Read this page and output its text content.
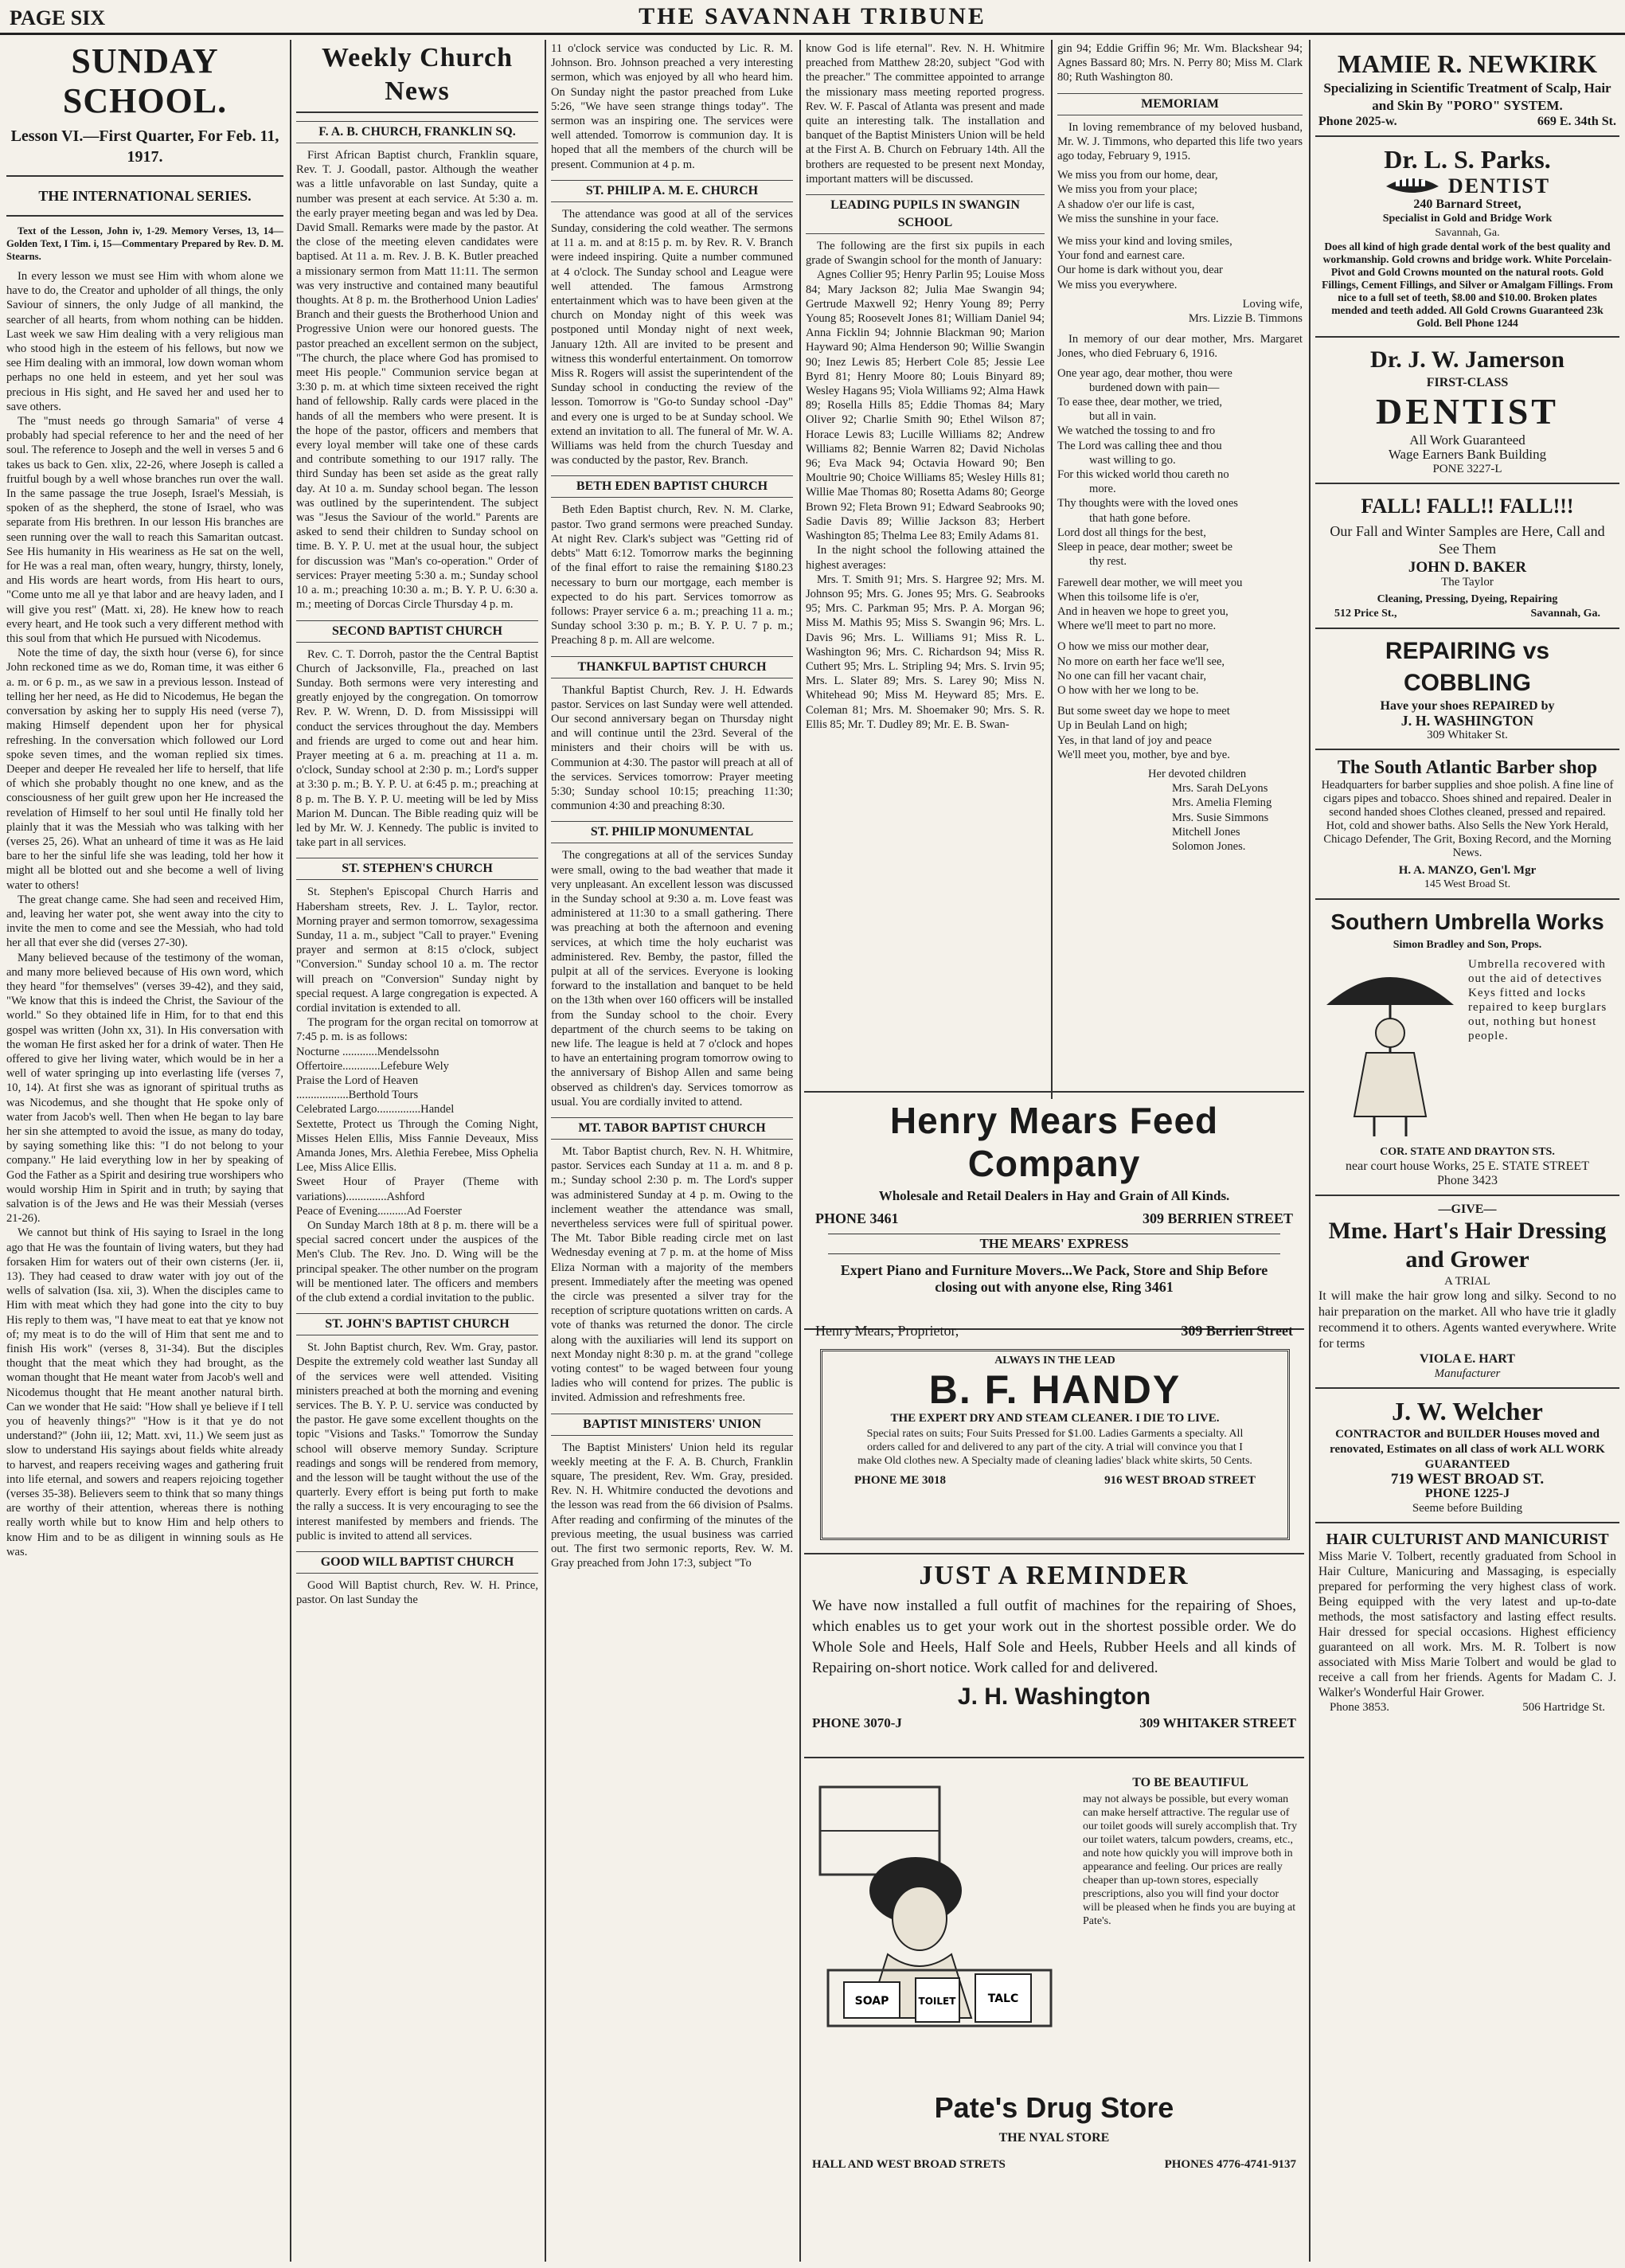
PAGE SIX	THE SAVANNAH TRIBUNE
SUNDAY SCHOOL.
Lesson VI.—First Quarter, For Feb. 11, 1917.
THE INTERNATIONAL SERIES.

Text of the Lesson, John iv, 1-29. Memory Verses, 13, 14—Golden Text, I Tim. i, 15—Commentary Prepared by Rev. D. M. Stearns.

In every lesson we must see Him with whom alone we have to do, the Creator and upholder of all things, the only Saviour of sinners, the only Judge of all mankind, the searcher of all hearts, from whom nothing can be hidden. Last week we saw Him dealing with a very religious man who stood high in the esteem of his fellows, but now we see Him dealing with an immoral, low down woman whom perhaps no one held in esteem, and yet her soul was precious in His sight, and He saved her and used her to save others.

The "must needs go through Samaria" of verse 4 probably had special reference to her and the need of her soul. The reference to Joseph and the well in verses 5 and 6 takes us back to Gen. xlix, 22-26, where Joseph is called a fruitful bough by a well whose branches run over the wall. In the same passage the true Joseph, Israel's Messiah, is spoken of as the shepherd, the stone of Israel, who was separate from His brethren. In our lesson His branches are seen running over the wall to reach this Samaritan outcast. See His humanity in His weariness as He sat on the well, for He was a real man, often weary, hungry, thirsty, lonely, and His words are heart words, from His heart to ours, "Come unto me all ye that labor and are heavy laden, and I will give you rest" (Matt. xi, 28). He knew how to reach every heart, and He took such a very different method with this soul from that which He pursued with Nicodemus.

Note the time of day, the sixth hour (verse 6), for since John reckoned time as we do, Roman time, it was either 6 a. m. or 6 p. m., as we saw in a previous lesson. Instead of telling her her need, as He did to Nicodemus, He began the conversation by asking her to supply His need (verse 7), making Himself dependent upon her for physical refreshing. In the conversation which followed our Lord spoke seven times, and the woman replied six times. Deeper and deeper He revealed her life to herself, that life of which she probably thought no one knew, and as the consciousness of her guilt grew upon her He increased the revelation of Himself to her soul until He finally told her plainly that it was the Messiah who was talking with her (verses 25, 26). What an unheard of time it was as He laid bare to her the sinful life she was leading, told her how it might all be blotted out and she become a well of living water to others!

The great change came. She had seen and received Him, and, leaving her water pot, she went away into the city to invite the men to come and see the Messiah, who had told her all that ever she did (verses 27-30).

Many believed because of the testimony of the woman, and many more believed because of His own word, which they heard "for themselves" (verses 39-42), and they said, "We know that this is indeed the Christ, the Saviour of the world." So they obtained life in Him, for to that end this gospel was written (John xx, 31). In His conversation with the woman He first asked her for a drink of water. Then He offered to give her living water, which would be in her a well of water springing up into everlasting life (verses 7, 10, 14). At first she was as ignorant of spiritual truths as was Nicodemus, and she thought that He spoke only of water from Jacob's well. Then when He began to lay bare her sin she attempted to avoid the issue, as many do today, by saying something like this: "I do not belong to your company." He laid everything low in her by speaking of God the Father as a Spirit and desiring true worshipers who would worship Him in Spirit and in truth; by saying that salvation is of the Jews and He was their Messiah (verses 21-26).

We cannot but think of His saying to Israel in the long ago that He was the fountain of living waters, but they had forsaken Him for waters out of their own cisterns (Jer. ii, 13). They had ceased to draw water with joy out of the wells of salvation (Isa. xii, 3). When the disciples came to Him with meat which they had gone into the city to buy His reply to them was, "I have meat to eat that ye know not of; my meat is to do the will of Him that sent me and to finish His work" (verses 8, 31-34). But the disciples thought that the meat which they had brought, as the woman thought that He meant water from Jacob's well and Nicodemus thought that He meant another natural birth. Can we wonder that He said: "How shall ye believe if I tell you of heavenly things?" "How is it that ye do not understand?" (John iii, 12; Matt. xvi, 11.) We seem just as slow to understand His sayings about fields white already to harvest, and reapers receiving wages and gathering fruit into life eternal, and sowers and reapers rejoicing together (verses 35-38). Believers seem to think that so many things are worthy of their attention, whereas there is nothing really worth while but to know Him and help others to know Him and to be as diligent in winning souls as He was.

Weekly Church News
F. A. B. CHURCH, FRANKLIN SQ.

First African Baptist church, Franklin square, Rev. T. J. Goodall, pastor. Although the weather was a little unfavorable on last Sunday, quite a number was present at each service. At 5:30 a. m. the early prayer meeting began and was led by Dea. David Small. Remarks were made by the pastor. At the close of the meeting eleven candidates were baptised. At 11 a. m. Rev. J. B. K. Butler preached a missionary sermon from Matt 11:11. The sermon was very instructive and contained many beautiful thoughts. At 8 p. m. the Brotherhood Union Ladies' Branch and their guests the Brotherhood Union and Progressive Union were our honored guests. The pastor preached an excellent sermon on the subject, "The church, the place where God has promised to meet His people." Communion service began at 3:30 p. m. at which time sixteen received the right hand of fellowship. Rally cards were placed in the hands of all the members who were present. It is the hope of the pastor, officers and members that every loyal member will take one of these cards and contribute something to our 1917 rally. The third Sunday has been set aside as the great rally day. At 10 a. m. Sunday school began. The lesson was outlined by the superintendent. The subject was "Jesus the Saviour of the world." Parents are asked to send their children to Sunday school on time. B. Y. P. U. met at the usual hour, the subject for discussion was "Man's co-operation." Order of services: Prayer meeting 5:30 a. m.; Sunday school 10 a. m.; preaching 10:30 a. m.; B. Y. P. U. 6:30 a. m.; meeting of Dorcas Circle Thursday 4 p. m.

SECOND BAPTIST CHURCH

Rev. C. T. Dorroh, pastor the the Central Baptist Church of Jacksonville, Fla., preached on last Sunday. Both sermons were very interesting and greatly enjoyed by the congregation. On tomorrow Rev. P. W. Wrenn, D. D. from Mississippi will conduct the services throughout the day. Members and friends are urged to come out and hear him. Prayer meeting at 6 a. m. preaching at 11 a. m. o'clock, Sunday school at 2:30 p. m.; Lord's supper at 3:30 p. m.; B. Y. P. U. at 6:45 p. m.; preaching at 8 p. m. The B. Y. P. U. meeting will be led by Miss Marion M. Duncan. The Bible reading quiz will be led by Mr. W. J. Kennedy. The public is invited to take part in all services.

ST. STEPHEN'S CHURCH

St. Stephen's Episcopal Church Harris and Habersham streets, Rev. J. L. Taylor, rector. Morning prayer and sermon tomorrow, sexagessima Sunday, 11 a. m., subject "Call to prayer." Evening prayer and sermon at 8:15 o'clock, subject "Conversion." Sunday school 10 a. m. The rector will preach on "Conversion" Sunday night by special request. A large congregation is expected. A cordial invitation is extended to all.

The program for the organ recital on tomorrow at 7:45 p. m. is as follows:

Nocturne ............Mendelssohn
Offertoire.............Lefebure Wely
Praise the Lord of Heaven
..................Berthold Tours
Celebrated Largo...............Handel
Sextette, Protect us Through the Coming Night, Misses Helen Ellis, Miss Fannie Deveaux, Miss Amanda Jones, Mrs. Alethia Ferebee, Miss Ophelia Lee, Miss Alice Ellis.
Sweet Hour of Prayer (Theme with variations)..............Ashford
Peace of Evening..........Ad Foerster

On Sunday March 18th at 8 p. m. there will be a special sacred concert under the auspices of the Men's Club. The Rev. Jno. D. Wing will be the principal speaker. The other number on the program will be mentioned later. The officers and members of the club extend a cordial invitation to the public.

ST. JOHN'S BAPTIST CHURCH

St. John Baptist church, Rev. Wm. Gray, pastor. Despite the extremely cold weather last Sunday all of the services were well attended. Visiting ministers preached at both the morning and evening services. The B. Y. P. U. service was conducted by the pastor. He gave some excellent thoughts on the topic "Visions and Tasks." Tomorrow the Sunday school will observe memory Sunday. Scripture readings and songs will be rendered from memory, and the lesson will be taught without the use of the quarterly. Every effort is being put forth to make the rally a success. It is very encouraging to see the interest manifested by members and friends. The public is invited to attend all services.

GOOD WILL BAPTIST CHURCH

Good Will Baptist church, Rev. W. H. Prince, pastor. On last Sunday the

11 o'clock service was conducted by Lic. R. M. Johnson. Bro. Johnson preached a very interesting sermon, which was enjoyed by all who heard him. On Sunday night the pastor preached from Luke 5:26, "We have seen strange things today". The sermon was an inspiring one. The services were well attended. Tomorrow is communion day. It is hoped that all the members of the church will be present. Communion at 4 p. m.

ST. PHILIP A. M. E. CHURCH

The attendance was good at all of the services Sunday, considering the cold weather. The sermons at 11 a. m. and at 8:15 p. m. by Rev. R. V. Branch were indeed inspiring. Quite a number communed at 4 o'clock. The Sunday school and League were well attended. The famous Armstrong entertainment which was to have been given at the church on Monday night of this week was postponed until Monday night of next week, January 12th. All are invited to be present and witness this wonderful entertainment. On tomorrow Miss R. Rogers will assist the superintendent of the Sunday school in conducting the review of the lesson. Tomorrow is "Go-to Sunday school -Day" and every one is urged to be at Sunday school. We extend an invitation to all. The funeral of Mr. W. A. Williams was held from the church Tuesday and was conducted by the pastor, Rev. Branch.

BETH EDEN BAPTIST CHURCH

Beth Eden Baptist church, Rev. N. M. Clarke, pastor. Two grand sermons were preached Sunday. At night Rev. Clark's subject was "Getting rid of debts" Matt 6:12. Tomorrow marks the beginning of the final effort to raise the remaining $180.23 necessary to burn our mortgage, each member is expected to do his part. Services tomorrow as follows: Prayer service 6 a. m.; preaching 11 a. m.; Sunday school 3:30 p. m.; B. Y. P. U. 7 p. m.; Preaching 8 p. m. All are welcome.

THANKFUL BAPTIST CHURCH

Thankful Baptist Church, Rev. J. H. Edwards pastor. Services on last Sunday were well attended. Our second anniversary began on Thursday night and will continue until the 23rd. Several of the ministers and their choirs will be with us. Communion at 4:30. The pastor will preach at all of the services. Services tomorrow: Prayer meeting 5:30; Sunday school 10:15; preaching 11:30; communion 4:30 and preaching 8:30.

ST. PHILIP MONUMENTAL

The congregations at all of the services Sunday were small, owing to the bad weather that made it very unpleasant. An excellent lesson was discussed in the Sunday school at 9:30 a. m. Love feast was administered at 11:30 to a small gathering. There was preaching at both the afternoon and evening services, at which time the holy eucharist was administered. Rev. Bemby, the pastor, filled the pulpit at all of the services. Everyone is looking forward to the installation and banquet to be held on the 13th when over 160 officers will be installed from the Sunday school to the choir. Every department of the church seems to be taking on new life. The league is held at 7 o'clock and hopes to have an entertaining program tomorrow owing to the anniversary of Bishop Allen and same being observed as children's day. Services tomorrow as usual. You are cordially invited to attend.

MT. TABOR BAPTIST CHURCH

Mt. Tabor Baptist church, Rev. N. H. Whitmire, pastor. Services each Sunday at 11 a. m. and 8 p. m.; Sunday school 2:30 p. m. The Lord's supper was administered Sunday at 4 p. m. Owing to the inclement weather the attendance was small, nevertheless services were full of spiritual power. The Mt. Tabor Bible reading circle met on last Wednesday evening at 7 p. m. at the home of Miss Eliza Norman with a majority of the members present. Immediately after the meeting was opened the circle was presented a silver tray for the reception of scripture quotations written on cards. A vote of thanks was returned the donor. The circle along with the auxiliaries will lend its support on next Monday night 8:30 p. m. at the grand "college voting contest" to be waged between four young ladies who will contend for prizes. The public is invited. Admission and refreshments free.

BAPTIST MINISTERS' UNION

The Baptist Ministers' Union held its regular weekly meeting at the F. A. B. Church, Franklin square, The president, Rev. Wm. Gray, presided. Rev. N. H. Whitmire conducted the devotions and the lesson was read from the 66 division of Psalms. After reading and confirming of the minutes of the previous meeting, the usual business was carried out. The first two sermonic reports, Rev. W. M. Gray preached from John 17:3, subject "To

know God is life eternal". Rev. N. H. Whitmire preached from Matthew 28:20, subject "God with the preacher." The committee appointed to arrange the missionary mass meeting reported progress. Rev. W. F. Pascal of Atlanta was present and made quite an interesting talk. The installation and banquet of the Baptist Ministers Union will be held at the First A. B. Church on February 14th. All the brothers are requested to be present next Monday, important matters will be discussed.

LEADING PUPILS IN SWANGIN SCHOOL

The following are the first six pupils in each grade of Swangin school for the month of January:

Agnes Collier 95; Henry Parlin 95; Louise Moss 84; Mary Jackson 82; Julia Mae Swangin 94; Gertrude Maxwell 92; Henry Young 89; Perry Young 85; Roosevelt Jones 81; William Daniel 94; Anna Ficklin 94; Johnnie Blackman 90; Marion Hayward 90; Alma Henderson 90; Willie Swangin 90; Inez Lewis 85; Herbert Cole 85; Jessie Lee Byrd 81; Henry Moore 80; Louis Binyard 89; Wesley Hagans 95; Viola Williams 92; Alma Hawk 89; Rosella Hills 85; Eddie Thomas 84; Mary Oliver 92; Charlie Smith 90; Ethel Wilson 87; Horace Lewis 83; Lucille Williams 82; Andrew Williams 82; Bennie Warren 82; David Nicholas 96; Eva Mack 94; Octavia Howard 90; Ben Moultrie 90; Choice Williams 85; Wesley Hills 81; Willie Mae Thomas 80; Rosetta Adams 80; George Brown 92; Fleta Brown 91; Edward Seabrooks 90; Sadie Davis 89; Willie Jackson 83; Herbert Washington 85; Thelma Lee 83; Emily Adams 81.

In the night school the following attained the highest averages:

Mrs. T. Smith 91; Mrs. S. Hargree 92; Mrs. M. Johnson 95; Mrs. G. Jones 95; Mrs. G. Seabrooks 95; Mrs. C. Parkman 95; Mrs. P. A. Morgan 96; Miss M. Mathis 95; Miss S. Swangin 96; Mrs. L. Davis 96; Mrs. L. Williams 91; Miss R. L. Washington 96; Mrs. C. Richardson 94; Miss R. Cuthert 95; Mrs. L. Stripling 94; Mrs. S. Irvin 95; Mrs. L. Slater 89; Mrs. S. Larey 90; Miss N. Whitehead 90; Miss M. Heyward 85; Mrs. E. Coleman 81; Mrs. M. Shoemaker 90; Mrs. S. R. Ellis 85; Mr. T. Dudley 89; Mr. E. B. Swan-

gin 94; Eddie Griffin 96; Mr. Wm. Blackshear 94; Agnes Bassard 80; Mrs. N. Perry 80; Miss M. Clark 80; Ruth Washington 80.

MEMORIAM

In loving remembrance of my beloved husband, Mr. W. J. Timmons, who departed this life two years ago today, February 9, 1915.

We miss you from our home, dear,

We miss you from your place;

A shadow o'er our life is cast,

We miss the sunshine in your face.

We miss your kind and loving smiles,

Your fond and earnest care.

Our home is dark without you, dear

We miss you everywhere.

Loving wife,

Mrs. Lizzie B. Timmons

In memory of our dear mother, Mrs. Margaret Jones, who died February 6, 1916.

One year ago, dear mother, thou were

burdened down with pain—

To ease thee, dear mother, we tried,

but all in vain.

We watched the tossing to and fro

The Lord was calling thee and thou

wast willing to go.

For this wicked world thou careth no

more.

Thy thoughts were with the loved ones

that hath gone before.

Lord dost all things for the best,

Sleep in peace, dear mother; sweet be

thy rest.

Farewell dear mother, we will meet you

When this toilsome life is o'er,

And in heaven we hope to greet you,

Where we'll meet to part no more.

O how we miss our mother dear,

No more on earth her face we'll see,

No one can fill her vacant chair,

O how with her we long to be.

But some sweet day we hope to meet

Up in Beulah Land on high;

Yes, in that land of joy and peace

We'll meet you, mother, bye and bye.

Her devoted children

Mrs. Sarah DeLyons

Mrs. Amelia Fleming

Mrs. Susie Simmons

Mitchell Jones

Solomon Jones.

Henry Mears Feed Company
Wholesale and Retail Dealers in Hay and Grain of All Kinds.
PHONE 3461	309 BERRIEN STREET
THE MEARS' EXPRESS
Expert Piano and Furniture Movers...We Pack, Store and Ship Before closing out with anyone else, Ring 3461
Henry Mears, Proprietor,	309 Berrien Street
ALWAYS IN THE LEAD
B. F. HANDY
THE EXPERT DRY AND STEAM CLEANER. I DIE TO LIVE.
Special rates on suits; Four Suits Pressed for $1.00. Ladies Garments a specialty. All orders called for and delivered to any part of the city. A trial will convince you that I make Old clothes new. A Specialty made of cleaning ladies' black white skirts, 50 Cents.
PHONE ME 3018	916 WEST BROAD STREET
JUST A REMINDER
We have now installed a full outfit of machines for the repairing of Shoes, which enables us to get your work out in the shortest possible order. We do Whole Sole and Heels, Half Sole and Heels, Rubber Heels and all kinds of Repairing on-short notice. Work called for and delivered.
J. H. Washington
PHONE 3070-J	309 WHITAKER STREET
SOAP	TOILET	TALC
TO BE BEAUTIFUL
may not always be possible, but every woman can make herself attractive. The regular use of our toilet goods will surely accomplish that. Try our toilet waters, talcum powders, creams, etc., and note how quickly you will improve both in appearance and feeling. Our prices are really cheaper than up-town stores, especially prescriptions, also you will find your doctor will be pleased when he finds you are buying at Pate's.
Pate's Drug Store
THE NYAL STORE
HALL AND WEST BROAD STRETS	PHONES 4776-4741-9137
MAMIE R. NEWKIRK

Specializing in Scientific Treatment of Scalp, Hair and Skin By "PORO" SYSTEM.

Phone 2025-w.	669 E. 34th St.
Dr. L. S. Parks.
DENTIST

240 Barnard Street,

Specialist in Gold and Bridge Work

Savannah, Ga.

Does all kind of high grade dental work of the best quality and workmanship. Gold crowns and bridge work. White Porcelain-Pivot and Gold Crowns mounted on the natural roots. Gold Fillings, Cement Fillings, and Silver or Amalgam Fillings. From nice to a full set of teeth, $8.00 and $10.00. Broken plates mended and teeth added. All Gold Crowns Guaranteed 23k Gold. Bell Phone 1244

Dr. J. W. Jamerson

FIRST-CLASS

DENTIST

All Work Guaranteed

Wage Earners Bank Building

PONE 3227-L

FALL! FALL!! FALL!!!

Our Fall and Winter Samples are Here, Call and See Them

JOHN D. BAKER

The Taylor

Cleaning, Pressing, Dyeing, Repairing

512 Price St.,	Savannah, Ga.
REPAIRING vs COBBLING

Have your shoes REPAIRED by

J. H. WASHINGTON

309 Whitaker St.

The South Atlantic Barber shop

Headquarters for barber supplies and shoe polish. A fine line of cigars pipes and tobacco. Shoes shined and repaired. Dealer in second handed shoes Clothes cleaned, pressed and repaired. Hot, cold and shower baths. Also Sells the New York Herald, Chicago Defender, The Grit, Boxing Record, and the Morning News.

H. A. MANZO, Gen'l. Mgr

145 West Broad St.

Southern Umbrella Works

Simon Bradley and Son, Props.

Umbrella recovered with out the aid of detectives Keys fitted and locks repaired to keep burglars out, nothing but honest people.

COR. STATE AND DRAYTON STS.

near court house Works, 25 E. STATE STREET

Phone 3423

—GIVE—

Mme. Hart's Hair Dressing and Grower

A TRIAL

It will make the hair grow long and silky. Second to no hair preparation on the market. All who have trie it gladly recommend it to others. Agents wanted everywhere. Write for terms

VIOLA E. HART

Manufacturer

J. W. Welcher

CONTRACTOR and BUILDER Houses moved and renovated, Estimates on all class of work ALL WORK GUARANTEED

719 WEST BROAD ST.

PHONE 1225-J

Seeme before Building

HAIR CULTURIST AND MANICURIST

Miss Marie V. Tolbert, recently graduated from School in Hair Culture, Manicuring and Massaging, is especially prepared for performing the very highest class of work. Being equipped with the very latest and up-to-date methods, the most satisfactory and lasting effect results. Hair dressed for special occasions. Highest efficiency guaranteed on all work. Mrs. M. R. Tolbert is now associated with Miss Marie Tolbert and would be glad to receive a call from her friends. Agents for Madam C. J. Walker's Wonderful Hair Grower.

Phone 3853.	506 Hartridge St.
